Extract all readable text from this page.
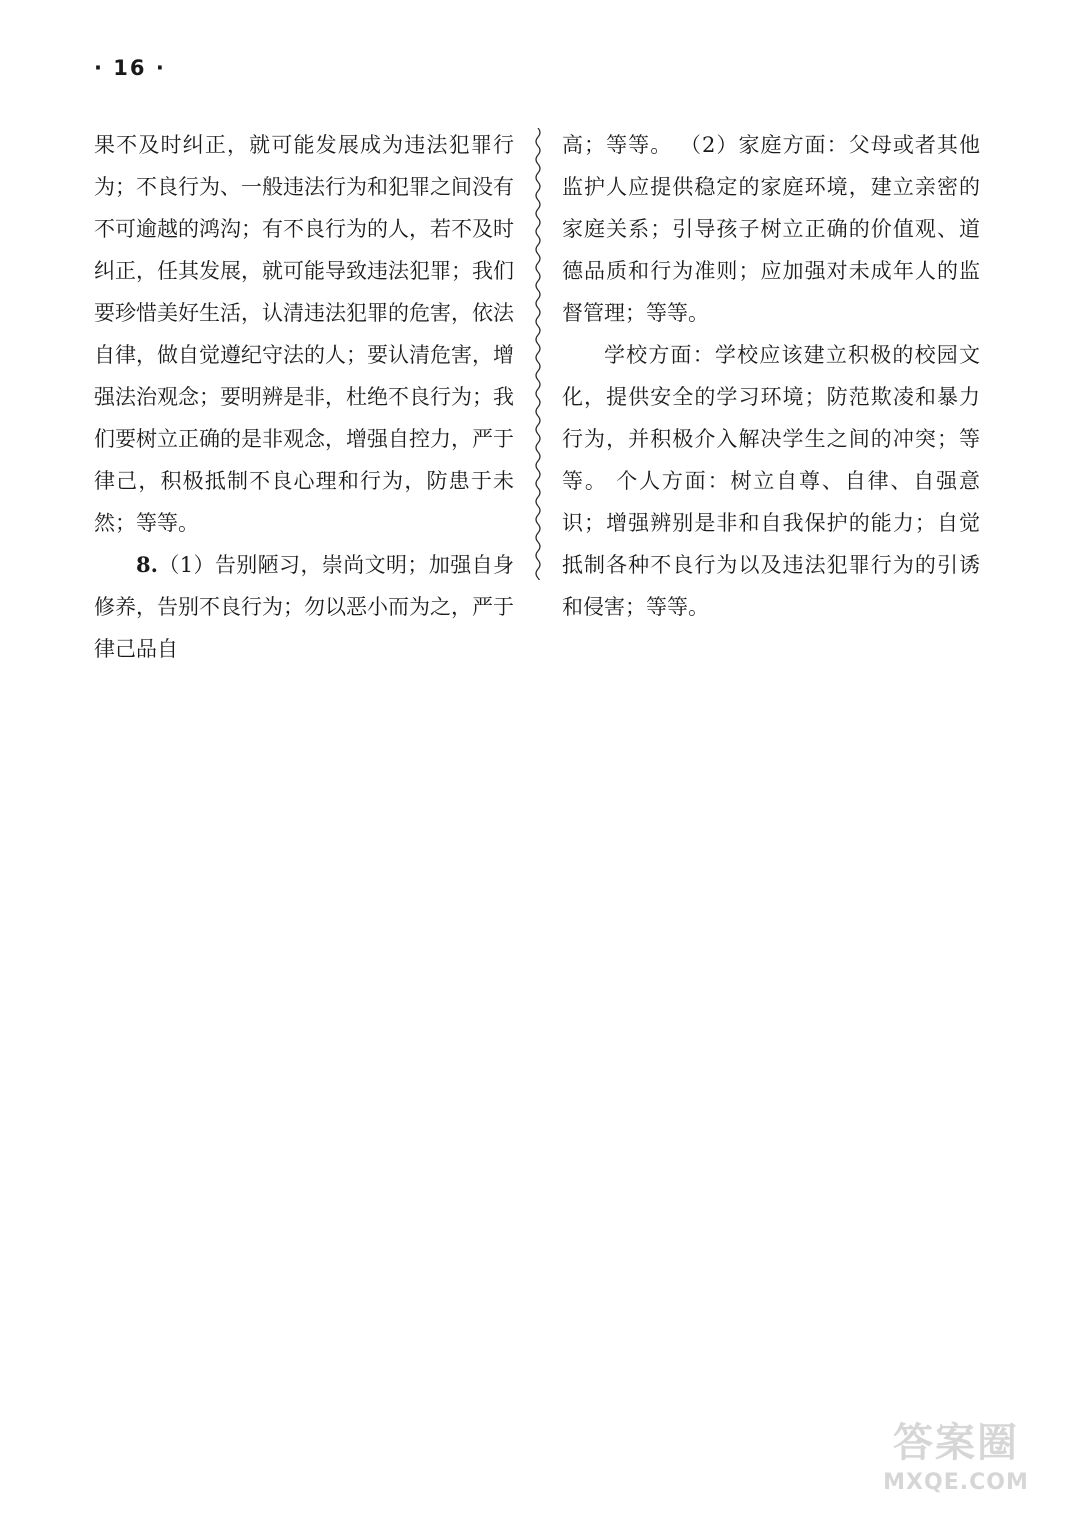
· 16 ·

果不及时纠正，就可能发展成为违法犯罪行为；不良行为、一般违法行为和犯罪之间没有不可逾越的鸿沟；有不良行为的人，若不及时纠正，任其发展，就可能导致违法犯罪；我们要珍惜美好生活，认清违法犯罪的危害，依法自律，做自觉遵纪守法的人；要认清危害，增强法治观念；要明辨是非，杜绝不良行为；我们要树立正确的是非观念，增强自控力，严于律己，积极抵制不良心理和行为，防患于未然；等等。

8.（1）告别陋习，崇尚文明；加强自身修养，告别不良行为；勿以恶小而为之，严于律己品自

高；等等。 （2）家庭方面：父母或者其他监护人应提供稳定的家庭环境，建立亲密的家庭关系；引导孩子树立正确的价值观、道德品质和行为准则；应加强对未成年人的监督管理；等等。

学校方面：学校应该建立积极的校园文化，提供安全的学习环境；防范欺凌和暴力行为，并积极介入解决学生之间的冲突；等等。 个人方面：树立自尊、自律、自强意识；增强辨别是非和自我保护的能力；自觉抵制各种不良行为以及违法犯罪行为的引诱和侵害；等等。

答案圈
MXQE.COM
